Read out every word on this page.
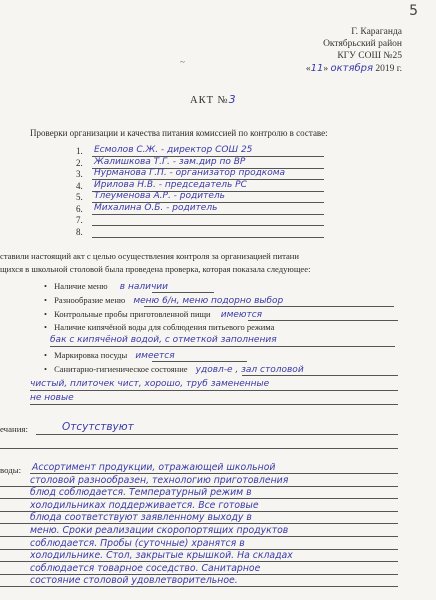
5
Г. Караганда
Октябрьский район
КГУ СОШ №25
«11» октября 2019 г.
~
АКТ №3
Проверки организации и качества питания комиссией по контролю в составе:
1. Есмолов С.Ж. - директор СОШ 25
2. Жалишкова Т.Г. - зам.дир по ВР
3. Нурманова Г.П. - организатор продкома
4. Ирилова Н.В. - председатель РС
5. Тлеуменова А.Р. - родитель
6. Михалина О.Б. - родитель
7.
8.
ставили настоящий акт с целью осуществления контроля за организацией питани
щихся в школьной столовой была проведена проверка, которая показала следующее:
• Наличие меню в наличии
• Разнообразие меню меню 6/н, меню подорно выбор
• Контрольные пробы приготовленной пищи имеются
• Наличие кипячёной воды для соблюдения питьевого режима
бак с кипячёной водой, с отметкой заполнения
• Маркировка посуды имеется
• Санитарно-гигиеническое состояние удовл-е , зал столовой
чистый, плиточек чист, хорошо, труб замененные
не новые
ечания:	Отсутствуют
воды: Ассортимент продукции, отражающей школьной
столовой разнообразен, технологию приготовления
блюд соблюдается. Температурный режим в
холодильниках поддерживается. Все готовые
блюда соответствуют заявленному выходу в
меню. Сроки реализации скоропортящих продуктов
соблюдается. Пробы (суточные) хранятся в
холодильнике. Стол, закрытые крышкой. На складах
соблюдается товарное соседство. Санитарное
состояние столовой удовлетворительное.
